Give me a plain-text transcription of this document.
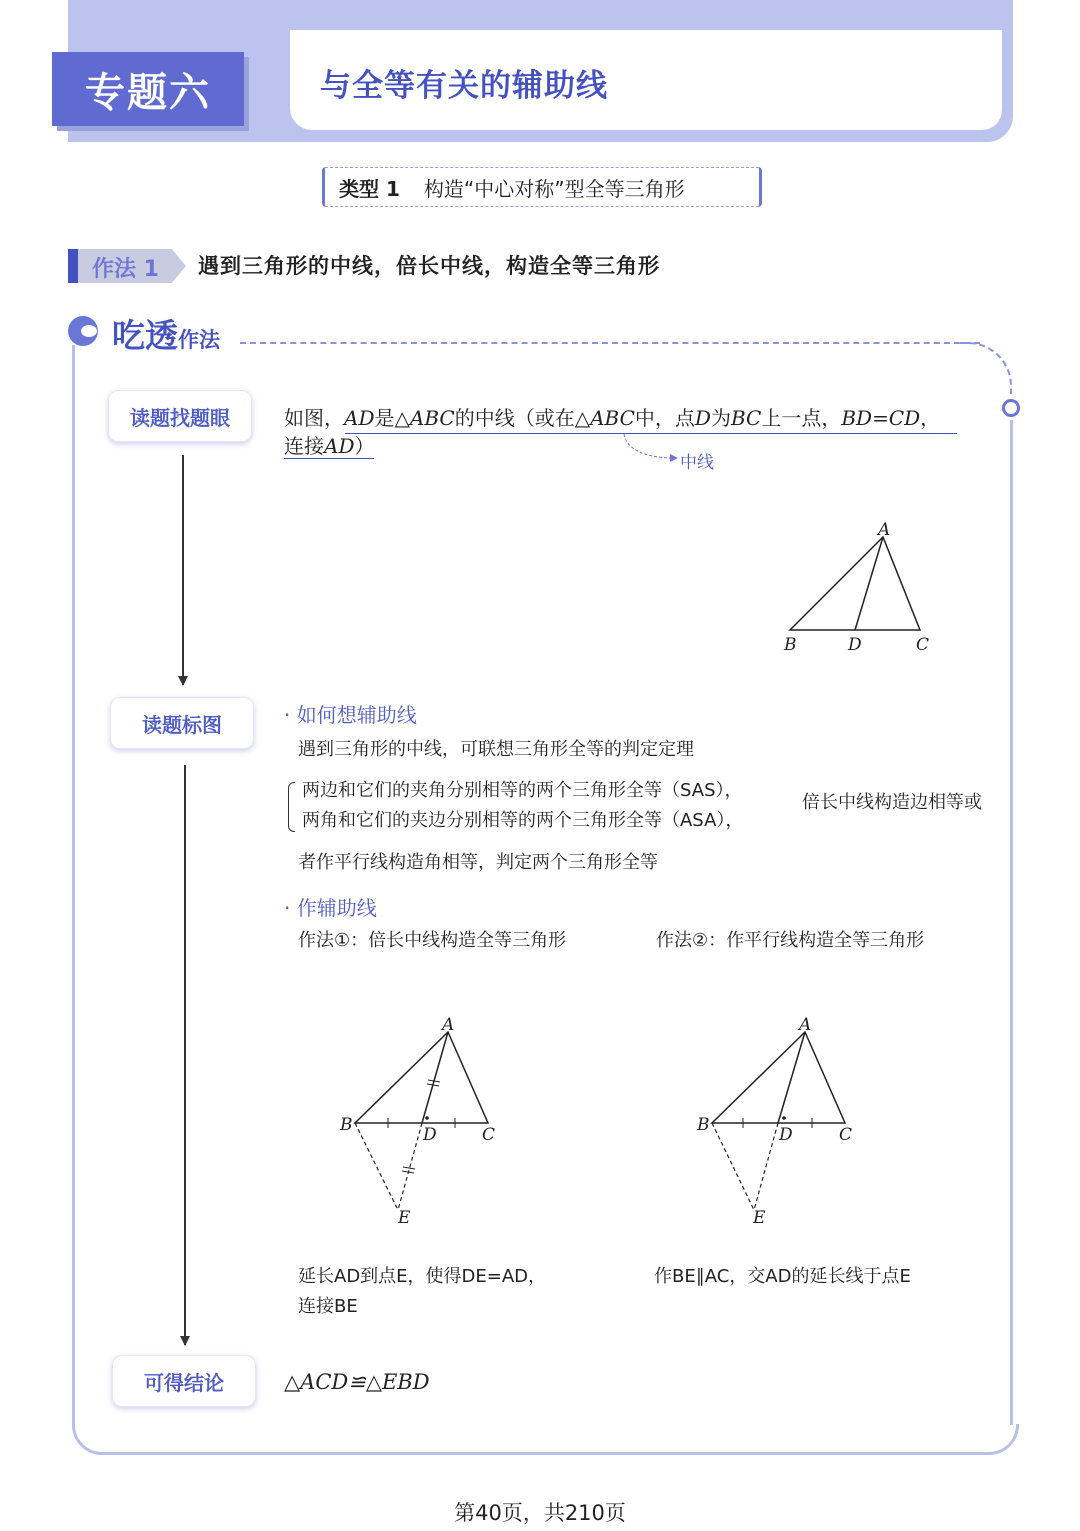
专题六	与全等有关的辅助线
类型 1 构造“中心对称”型全等三角形
作法 1 遇到三角形的中线，倍长中线，构造全等三角形
吃透作法
读题找题眼
读题标图
可得结论
如图，AD是△ABC的中线（或在△ABC中，点D为BC上一点，BD=CD，
连接AD）
中线
A
B	D	C
· 如何想辅助线
遇到三角形的中线，可联想三角形全等的判定定理
两边和它们的夹角分别相等的两个三角形全等（SAS），
两角和它们的夹边分别相等的两个三角形全等（ASA），
倍长中线构造边相等或
者作平行线构造角相等，判定两个三角形全等
· 作辅助线
作法①：倍长中线构造全等三角形	作法②：作平行线构造全等三角形
A
B	D	C
E
A
B	D	C
E
延长AD到点E，使得DE=AD，
连接BE
作BE∥AC，交AD的延长线于点E
△ACD≌△EBD
第40页，共210页
